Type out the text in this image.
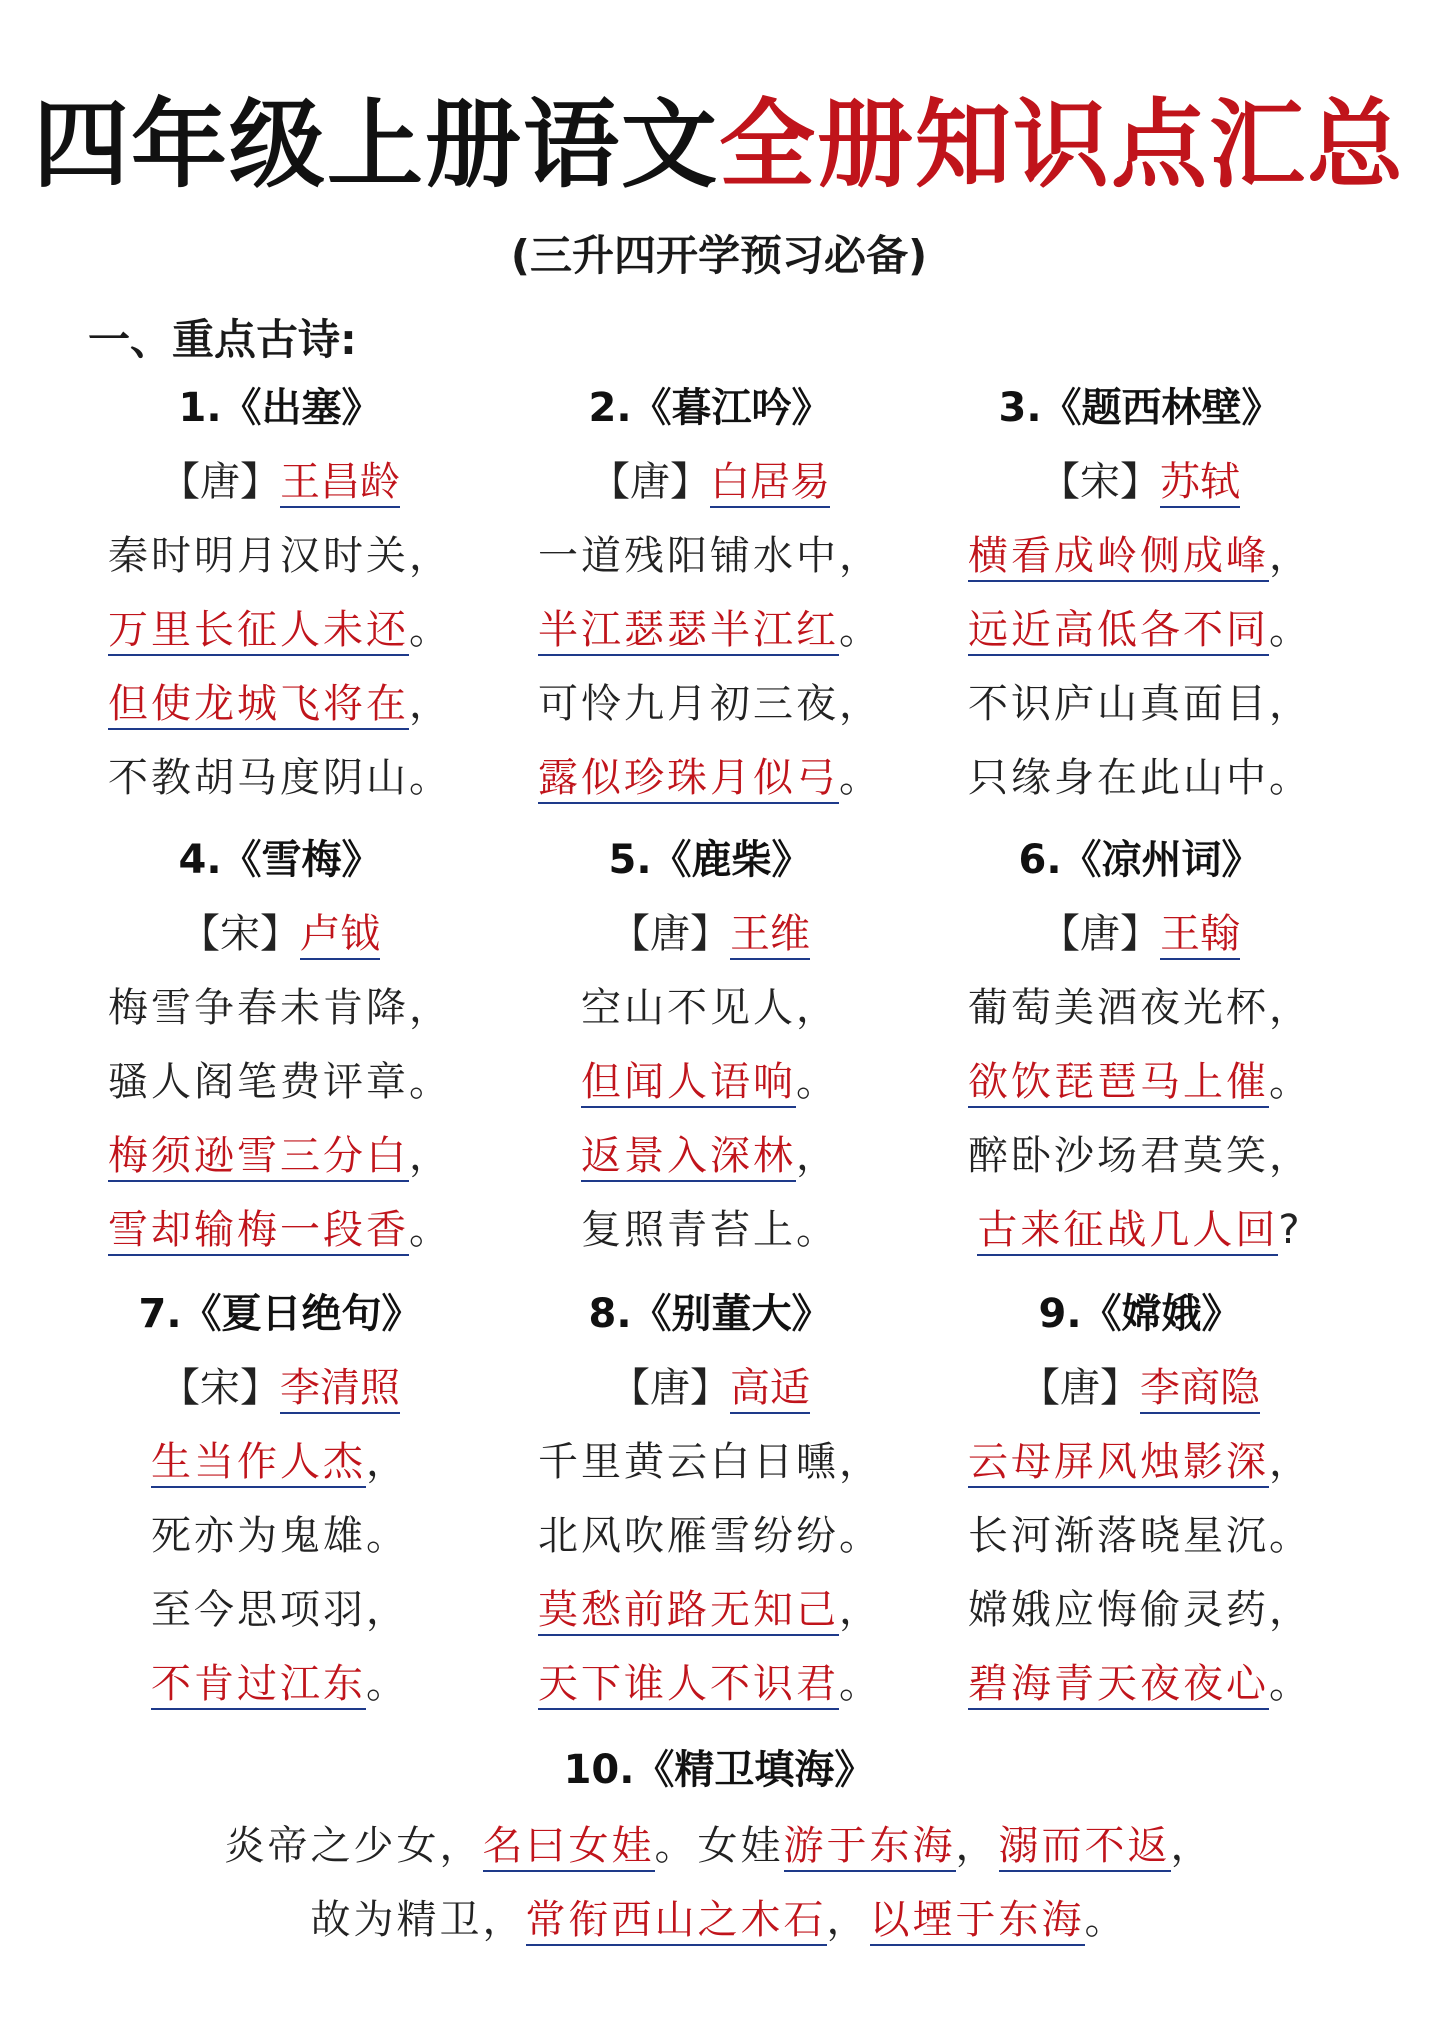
四年级上册语文全册知识点汇总
(三升四开学预习必备)
一、重点古诗:
1.《出塞》
【唐】王昌龄
秦时明月汉时关，
万里长征人未还。
但使龙城飞将在，
不教胡马度阴山。
2.《暮江吟》
【唐】白居易
一道残阳铺水中，
半江瑟瑟半江红。
可怜九月初三夜，
露似珍珠月似弓。
3.《题西林壁》
【宋】苏轼
横看成岭侧成峰，
远近高低各不同。
不识庐山真面目，
只缘身在此山中。
4.《雪梅》
【宋】卢钺
梅雪争春未肯降，
骚人阁笔费评章。
梅须逊雪三分白，
雪却输梅一段香。
5.《鹿柴》
【唐】王维
空山不见人，
但闻人语响。
返景入深林，
复照青苔上。
6.《凉州词》
【唐】王翰
葡萄美酒夜光杯，
欲饮琵琶马上催。
醉卧沙场君莫笑，
古来征战几人回?
7.《夏日绝句》
【宋】李清照
生当作人杰，
死亦为鬼雄。
至今思项羽，
不肯过江东。
8.《别董大》
【唐】高适
千里黄云白日曛，
北风吹雁雪纷纷。
莫愁前路无知己，
天下谁人不识君。
9.《嫦娥》
【唐】李商隐
云母屏风烛影深，
长河渐落晓星沉。
嫦娥应悔偷灵药，
碧海青天夜夜心。
10.《精卫填海》
炎帝之少女，名曰女娃。女娃游于东海，溺而不返，
故为精卫，常衔西山之木石，以堙于东海。
